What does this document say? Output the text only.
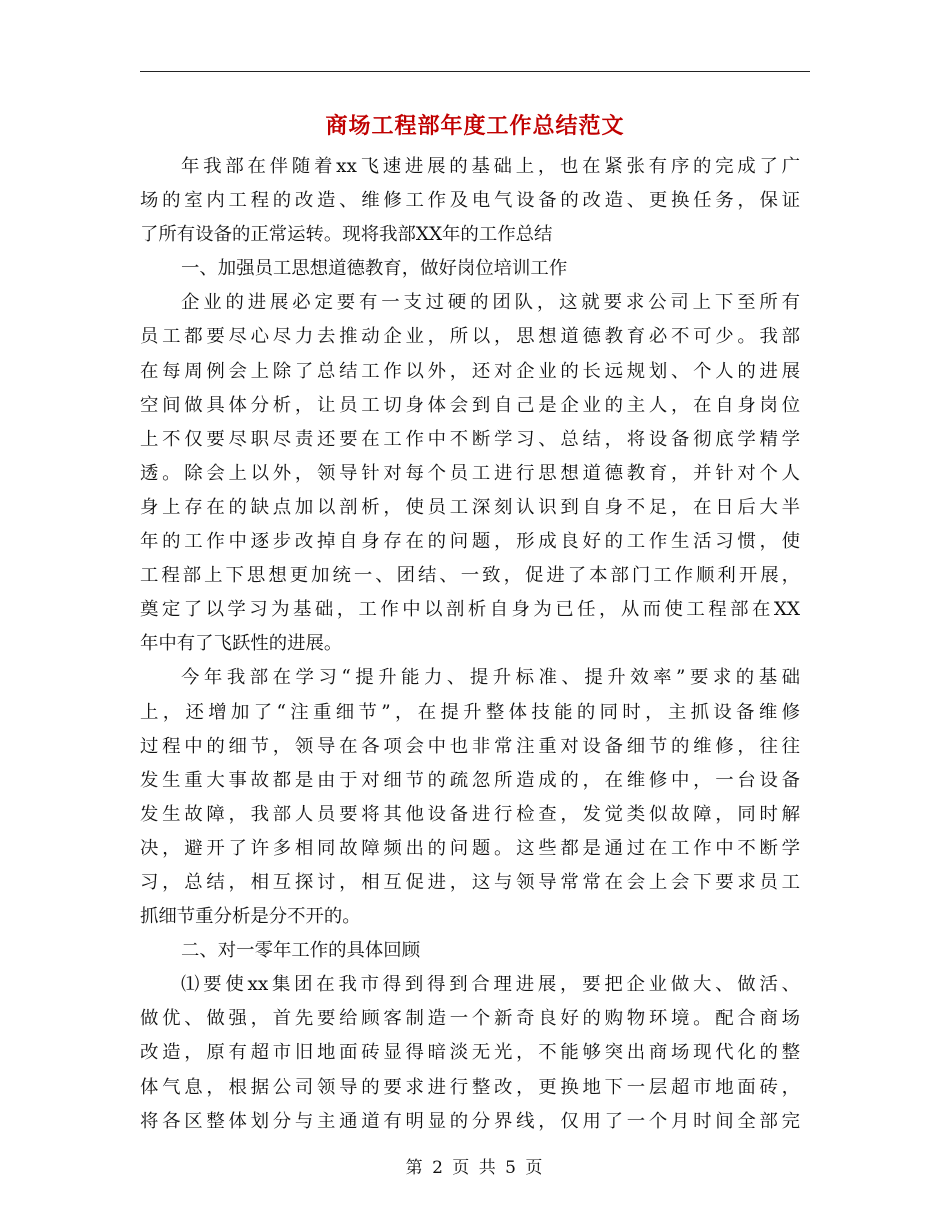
商场工程部年度工作总结范文
年我部在伴随着xx飞速进展的基础上，也在紧张有序的完成了广
场的室内工程的改造、维修工作及电气设备的改造、更换任务，保证
了所有设备的正常运转。现将我部XX年的工作总结
一、加强员工思想道德教育，做好岗位培训工作
企业的进展必定要有一支过硬的团队，这就要求公司上下至所有
员工都要尽心尽力去推动企业，所以，思想道德教育必不可少。我部
在每周例会上除了总结工作以外，还对企业的长远规划、个人的进展
空间做具体分析，让员工切身体会到自己是企业的主人，在自身岗位
上不仅要尽职尽责还要在工作中不断学习、总结，将设备彻底学精学
透。除会上以外，领导针对每个员工进行思想道德教育，并针对个人
身上存在的缺点加以剖析，使员工深刻认识到自身不足，在日后大半
年的工作中逐步改掉自身存在的问题，形成良好的工作生活习惯，使
工程部上下思想更加统一、团结、一致，促进了本部门工作顺利开展，
奠定了以学习为基础，工作中以剖析自身为已任，从而使工程部在XX
年中有了飞跃性的进展。
今年我部在学习“提升能力、提升标准、提升效率”要求的基础
上，还增加了“注重细节”，在提升整体技能的同时，主抓设备维修
过程中的细节，领导在各项会中也非常注重对设备细节的维修，往往
发生重大事故都是由于对细节的疏忽所造成的，在维修中，一台设备
发生故障，我部人员要将其他设备进行检查，发觉类似故障，同时解
决，避开了许多相同故障频出的问题。这些都是通过在工作中不断学
习，总结，相互探讨，相互促进，这与领导常常在会上会下要求员工
抓细节重分析是分不开的。
二、对一零年工作的具体回顾
⑴要使xx集团在我市得到得到合理进展，要把企业做大、做活、
做优、做强，首先要给顾客制造一个新奇良好的购物环境。配合商场
改造，原有超市旧地面砖显得暗淡无光，不能够突出商场现代化的整
体气息，根据公司领导的要求进行整改，更换地下一层超市地面砖，
将各区整体划分与主通道有明显的分界线，仅用了一个月时间全部完
第 2 页 共 5 页
